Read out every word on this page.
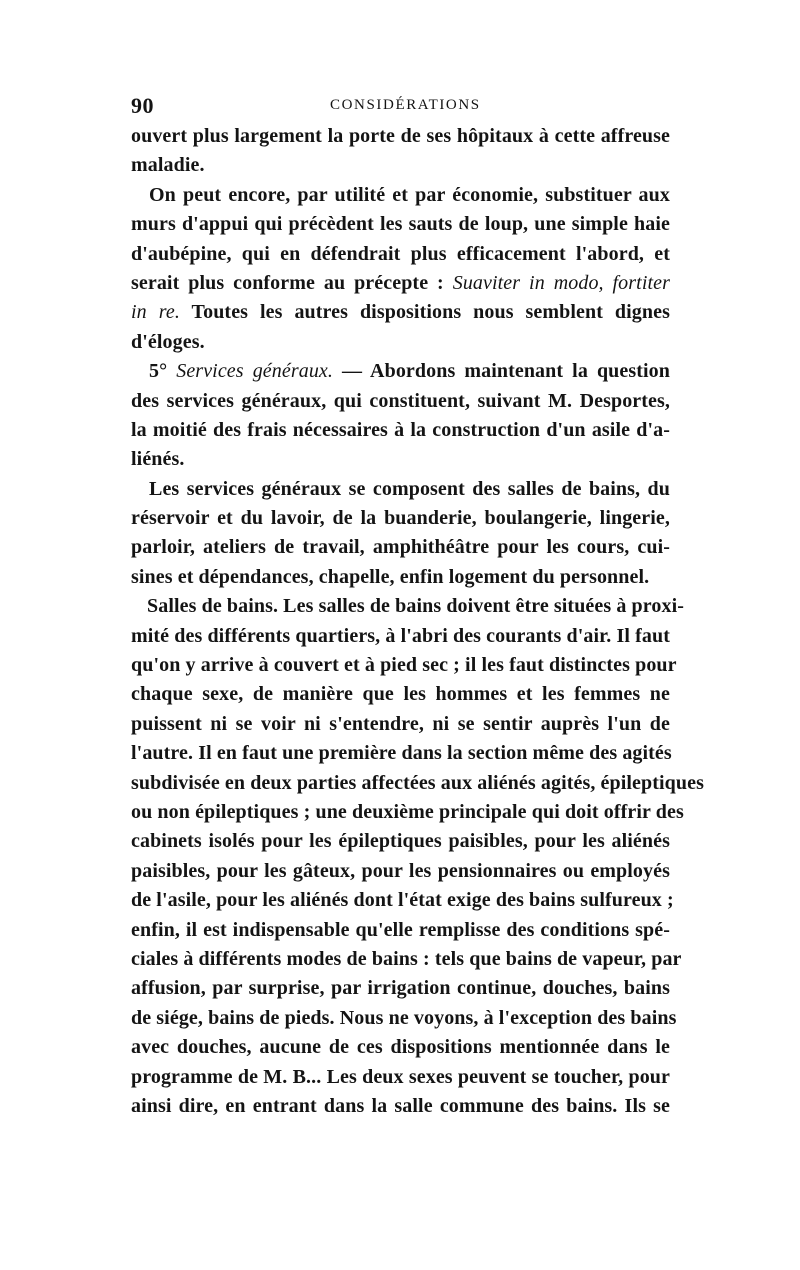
90	CONSIDÉRATIONS
ouvert plus largement la porte de ses hôpitaux à cette affreuse
maladie.
On peut encore, par utilité et par économie, substituer aux
murs d'appui qui précèdent les sauts de loup, une simple haie
d'aubépine, qui en défendrait plus efficacement l'abord, et
serait plus conforme au précepte : Suaviter in modo, fortiter
in re. Toutes les autres dispositions nous semblent dignes
d'éloges.
5° Services généraux. — Abordons maintenant la question
des services généraux, qui constituent, suivant M. Desportes,
la moitié des frais nécessaires à la construction d'un asile d'a-
liénés.
Les services généraux se composent des salles de bains, du
réservoir et du lavoir, de la buanderie, boulangerie, lingerie,
parloir, ateliers de travail, amphithéâtre pour les cours, cui-
sines et dépendances, chapelle, enfin logement du personnel.
Salles de bains. Les salles de bains doivent être situées à proxi-
mité des différents quartiers, à l'abri des courants d'air. Il faut
qu'on y arrive à couvert et à pied sec ; il les faut distinctes pour
chaque sexe, de manière que les hommes et les femmes ne
puissent ni se voir ni s'entendre, ni se sentir auprès l'un de
l'autre. Il en faut une première dans la section même des agités
subdivisée en deux parties affectées aux aliénés agités, épileptiques
ou non épileptiques ; une deuxième principale qui doit offrir des
cabinets isolés pour les épileptiques paisibles, pour les aliénés
paisibles, pour les gâteux, pour les pensionnaires ou employés
de l'asile, pour les aliénés dont l'état exige des bains sulfureux ;
enfin, il est indispensable qu'elle remplisse des conditions spé-
ciales à différents modes de bains : tels que bains de vapeur, par
affusion, par surprise, par irrigation continue, douches, bains
de siége, bains de pieds. Nous ne voyons, à l'exception des bains
avec douches, aucune de ces dispositions mentionnée dans le
programme de M. B... Les deux sexes peuvent se toucher, pour
ainsi dire, en entrant dans la salle commune des bains. Ils se
